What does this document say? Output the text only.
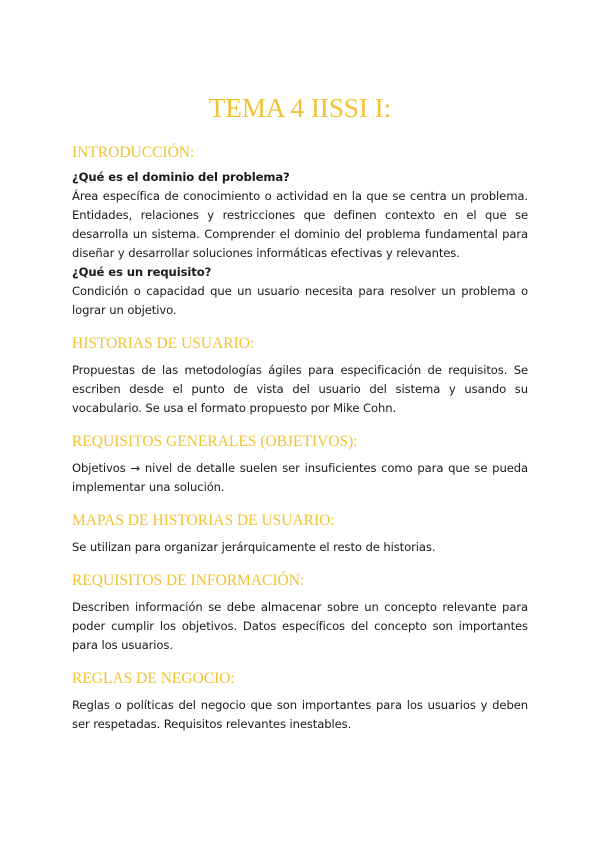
TEMA 4 IISSI I:
INTRODUCCIÓN:

¿Qué es el dominio del problema?

Área específica de conocimiento o actividad en la que se centra un problema. Entidades, relaciones y restricciones que definen contexto en el que se desarrolla un sistema. Comprender el dominio del problema fundamental para diseñar y desarrollar soluciones informáticas efectivas y relevantes.

¿Qué es un requisito?

Condición o capacidad que un usuario necesita para resolver un problema o lograr un objetivo.

HISTORIAS DE USUARIO:

Propuestas de las metodologías ágiles para especificación de requisitos. Se escriben desde el punto de vista del usuario del sistema y usando su vocabulario. Se usa el formato propuesto por Mike Cohn.

REQUISITOS GENERALES (OBJETIVOS):

Objetivos → nivel de detalle suelen ser insuficientes como para que se pueda implementar una solución.

MAPAS DE HISTORIAS DE USUARIO:

Se utilizan para organizar jerárquicamente el resto de historias.

REQUISITOS DE INFORMACIÓN:

Describen información se debe almacenar sobre un concepto relevante para poder cumplir los objetivos. Datos específicos del concepto son importantes para los usuarios.

REGLAS DE NEGOCIO:

Reglas o políticas del negocio que son importantes para los usuarios y deben ser respetadas. Requisitos relevantes inestables.
